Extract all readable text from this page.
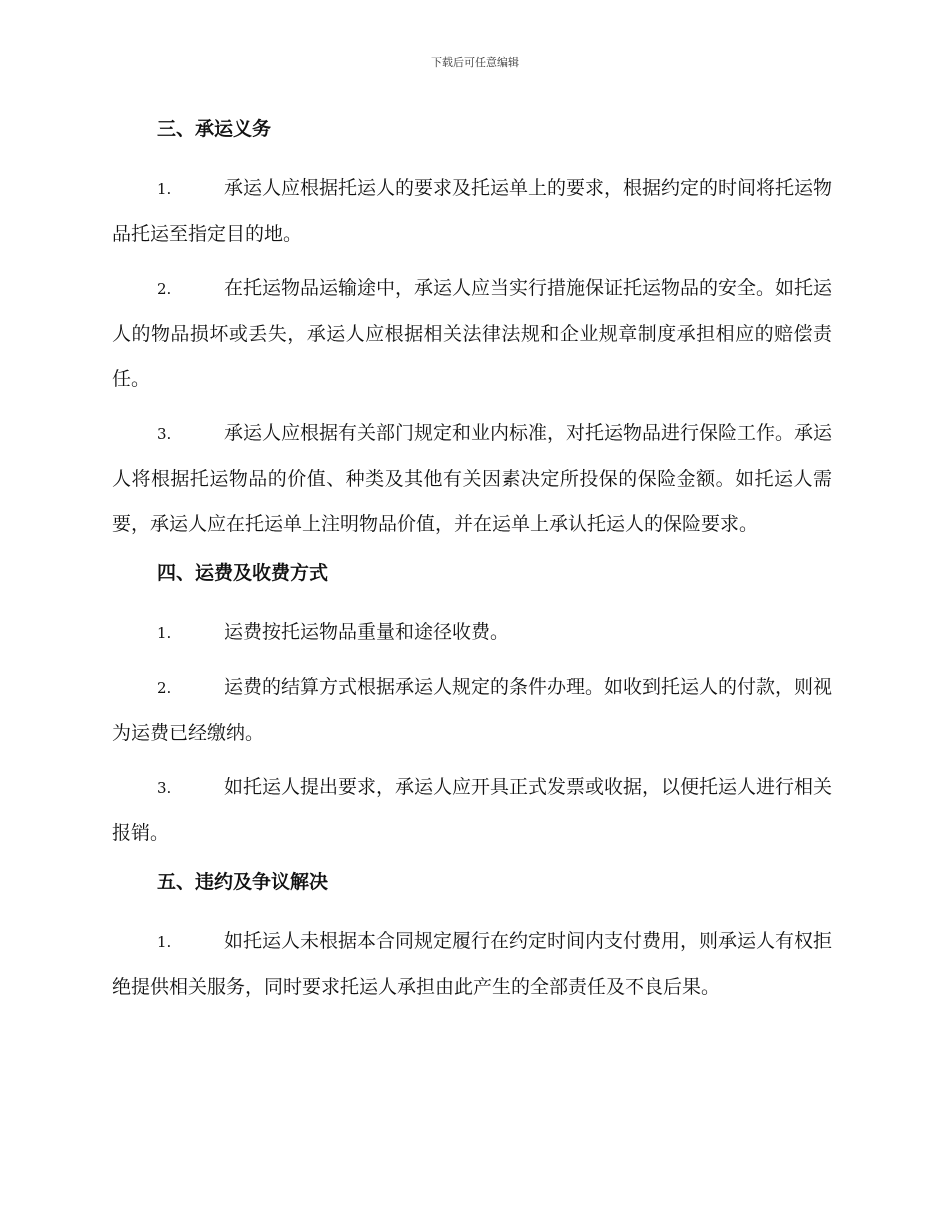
下载后可任意编辑
三、承运义务

1.	承运人应根据托运人的要求及托运单上的要求，根据约定的时间将托运物品托运至指定目的地。

2.	在托运物品运输途中，承运人应当实行措施保证托运物品的安全。如托运人的物品损坏或丢失，承运人应根据相关法律法规和企业规章制度承担相应的赔偿责任。

3.	承运人应根据有关部门规定和业内标准，对托运物品进行保险工作。承运人将根据托运物品的价值、种类及其他有关因素决定所投保的保险金额。如托运人需要，承运人应在托运单上注明物品价值，并在运单上承认托运人的保险要求。

四、运费及收费方式

1.	运费按托运物品重量和途径收费。

2.	运费的结算方式根据承运人规定的条件办理。如收到托运人的付款，则视为运费已经缴纳。

3.	如托运人提出要求，承运人应开具正式发票或收据，以便托运人进行相关报销。

五、违约及争议解决

1.	如托运人未根据本合同规定履行在约定时间内支付费用，则承运人有权拒绝提供相关服务，同时要求托运人承担由此产生的全部责任及不良后果。
